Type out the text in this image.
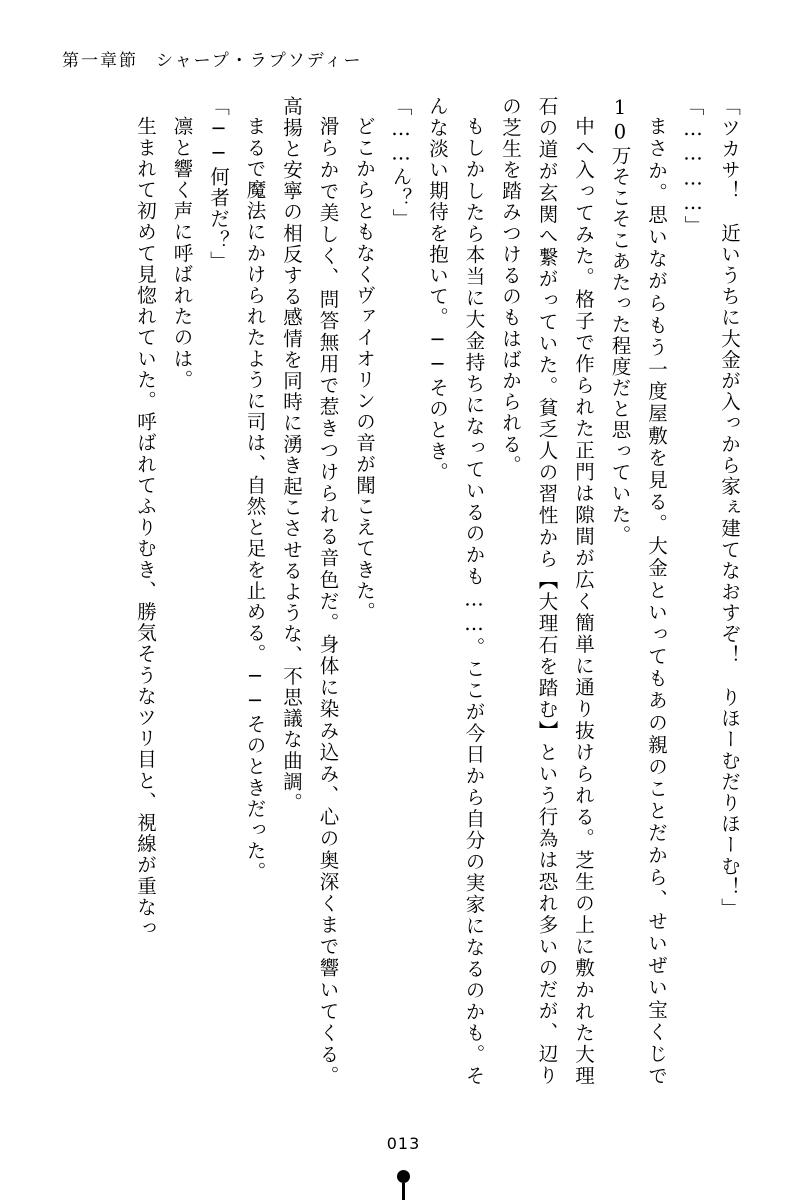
第一章節 シャープ・ラプソディー

「ツカサ！　近いうちに大金が入っから家ぇ建てなおすぞ！　りほーむだりほーむ！」

「…………」

まさか。思いながらもう一度屋敷を見る。大金といってもあの親のことだから、せいぜい宝くじで10万そこそこあたった程度だと思っていた。

中へ入ってみた。格子で作られた正門は隙間が広く簡単に通り抜けられる。芝生の上に敷かれた大理石の道が玄関へ繋がっていた。貧乏人の習性から【大理石を踏む】という行為は恐れ多いのだが、辺りの芝生を踏みつけるのもはばかられる。

もしかしたら本当に大金持ちになっているのかも……。ここが今日から自分の実家になるのかも。そんな淡い期待を抱いて。──そのとき。

「……ん？」

どこからともなくヴァイオリンの音が聞こえてきた。

滑らかで美しく、問答無用で惹きつけられる音色だ。身体に染み込み、心の奥深くまで響いてくる。高揚と安寧の相反する感情を同時に湧き起こさせるような、不思議な曲調。

まるで魔法にかけられたように司は、自然と足を止める。──そのときだった。

「──何者だ？」

凛と響く声に呼ばれたのは。

生まれて初めて見惚れていた。呼ばれてふりむき、勝気そうなツリ目と、視線が重なっ

013
